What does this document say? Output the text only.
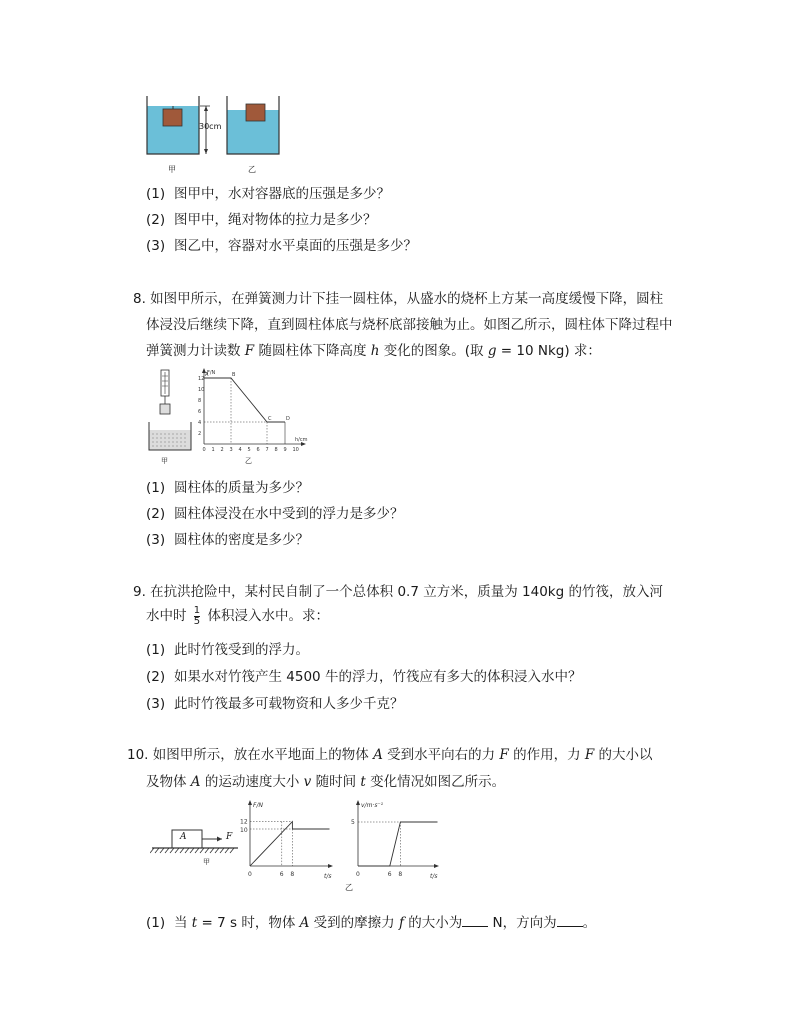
30cm
甲	乙
(1) 图甲中，水对容器底的压强是多少？
(2) 图甲中，绳对物体的拉力是多少？
(3) 图乙中，容器对水平桌面的压强是多少？
8. 如图甲所示，在弹簧测力计下挂一圆柱体，从盛水的烧杯上方某一高度缓慢下降，圆柱
体浸没后继续下降，直到圆柱体底与烧杯底部接触为止。如图乙所示，圆柱体下降过程中
弹簧测力计读数 F 随圆柱体下降高度 h 变化的图象。(取 g = 10 Nkg) 求：
甲
F/N
h/cm
2
4
6
8
10
12
0 1 2 3 4 5 6 7 8 9 10
A	B
C	D
乙
(1) 圆柱体的质量为多少？
(2) 圆柱体浸没在水中受到的浮力是多少？
(3) 圆柱体的密度是多少？
9. 在抗洪抢险中，某村民自制了一个总体积 0.7 立方米，质量为 140kg 的竹筏，放入河
水中时 $\frac{1}{5}$ 体积浸入水中。求：
(1) 此时竹筏受到的浮力。
(2) 如果水对竹筏产生 4500 牛的浮力，竹筏应有多大的体积浸入水中？
(3) 此时竹筏最多可载物资和人多少千克？
10. 如图甲所示，放在水平地面上的物体 A 受到水平向右的力 F 的作用，力 F 的大小以
及物体 A 的运动速度大小 v 随时间 t 变化情况如图乙所示。
A	F
甲
F/N
t/s
12
10
0	6 8
v/m·s⁻¹
t/s
5
0	6 8
乙
(1) 当 t = 7 s 时，物体 A 受到的摩擦力 f 的大小为 N，方向为 。
